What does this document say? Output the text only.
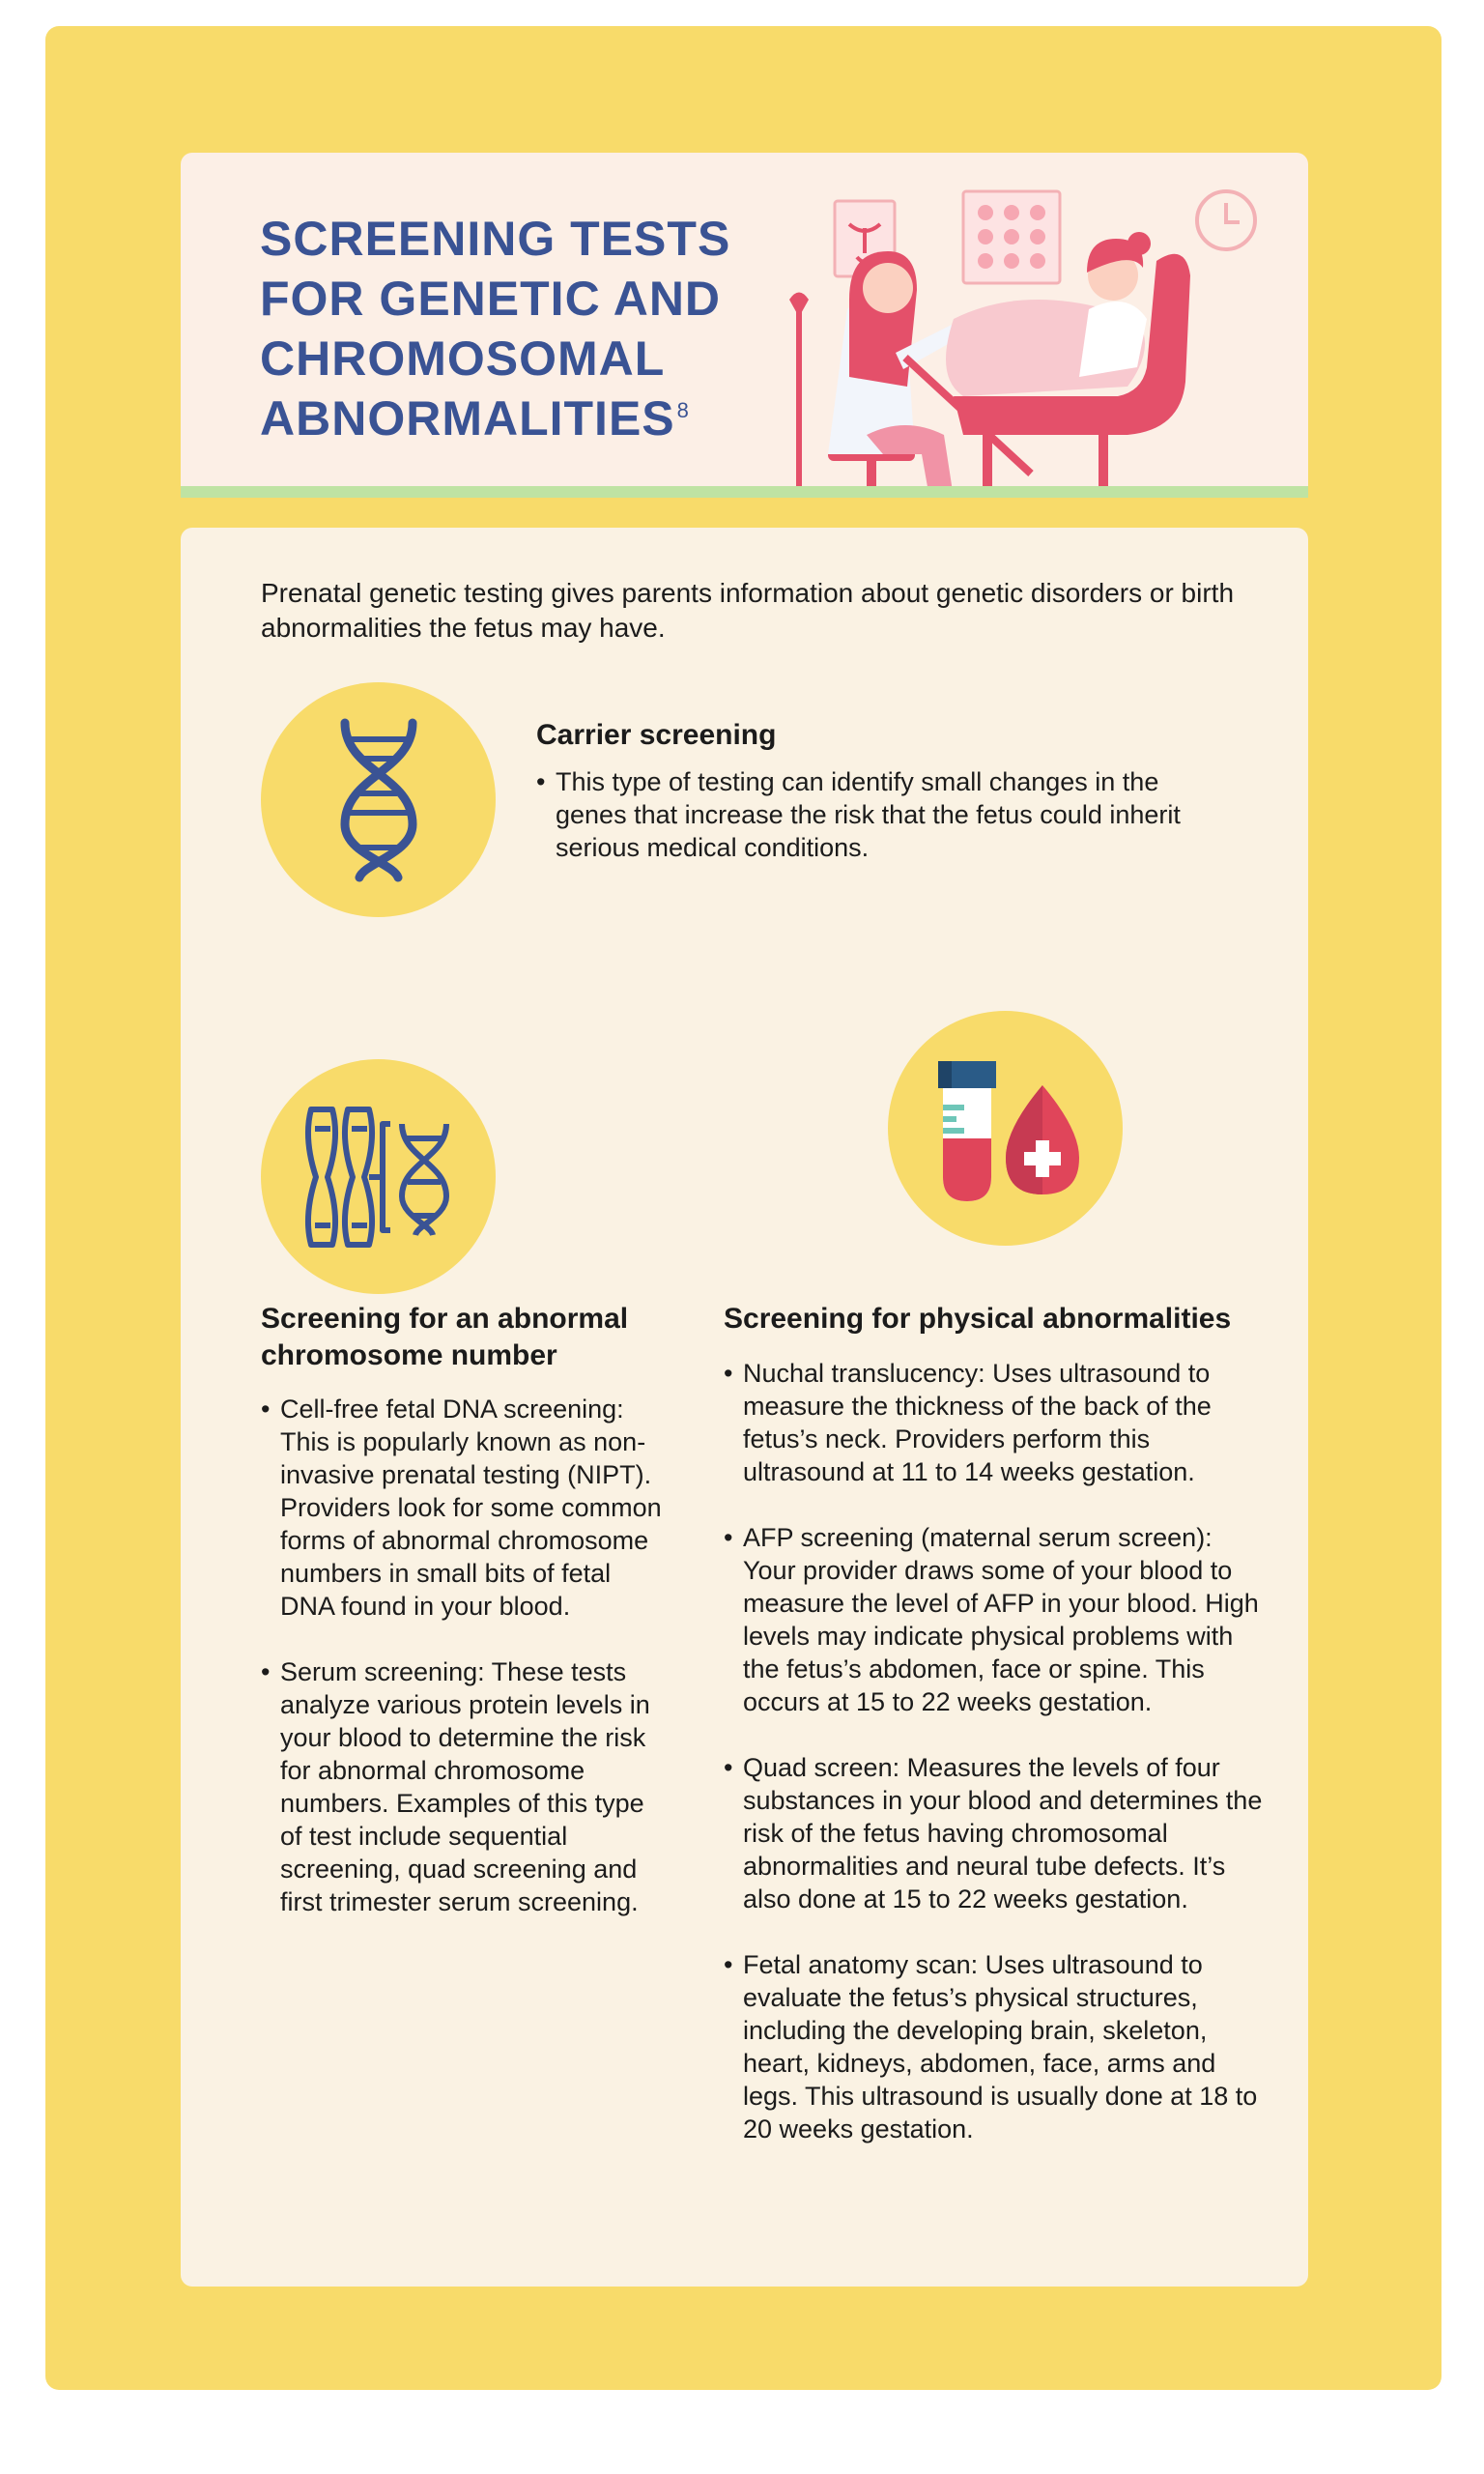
SCREENING TESTS
FOR GENETIC AND
CHROMOSOMAL
ABNORMALITIES$^8$

Prenatal genetic testing gives parents information about genetic disorders or birth abnormalities the fetus may have.

Carrier screening
• This type of testing can identify small changes in the genes that increase the risk that the fetus could inherit serious medical conditions.
Screening for an abnormal chromosome number
• Cell-free fetal DNA screening: This is popularly known as non-invasive prenatal testing (NIPT). Providers look for some common forms of abnormal chromosome numbers in small bits of fetal DNA found in your blood.
• Serum screening: These tests analyze various protein levels in your blood to determine the risk for abnormal chromosome numbers. Examples of this type of test include sequential screening, quad screening and first trimester serum screening.
Screening for physical abnormalities
• Nuchal translucency: Uses ultrasound to measure the thickness of the back of the fetus’s neck. Providers perform this ultrasound at 11 to 14 weeks gestation.
• AFP screening (maternal serum screen): Your provider draws some of your blood to measure the level of AFP in your blood. High levels may indicate physical problems with the fetus’s abdomen, face or spine. This occurs at 15 to 22 weeks gestation.
• Quad screen: Measures the levels of four substances in your blood and determines the risk of the fetus having chromosomal abnormalities and neural tube defects. It’s also done at 15 to 22 weeks gestation.
• Fetal anatomy scan: Uses ultrasound to evaluate the fetus’s physical structures, including the developing brain, skeleton, heart, kidneys, abdomen, face, arms and legs. This ultrasound is usually done at 18 to 20 weeks gestation.
